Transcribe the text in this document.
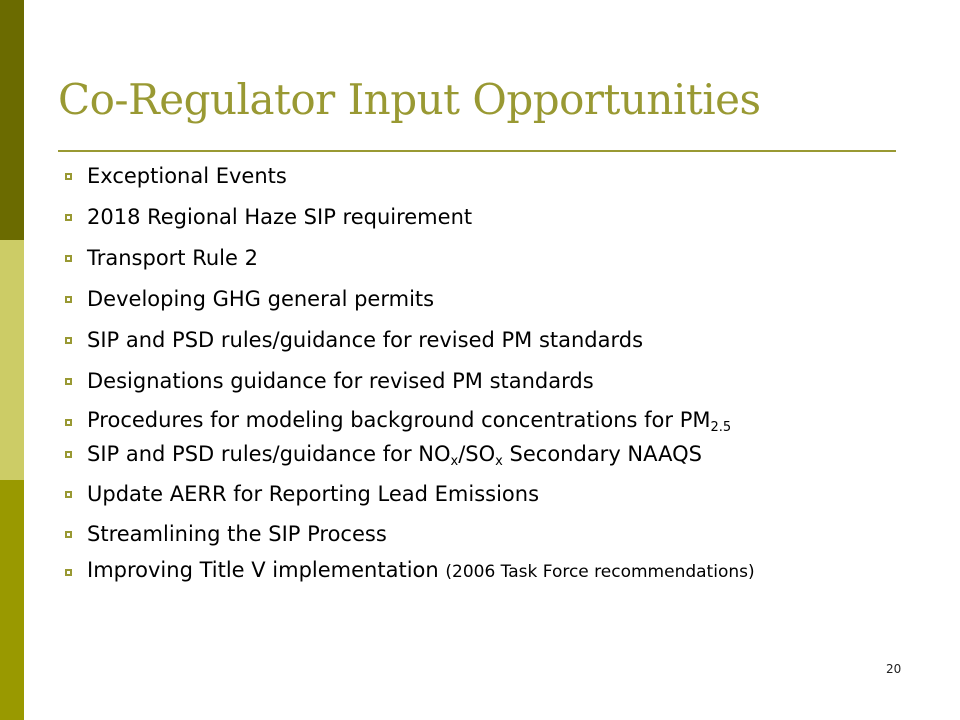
Co-Regulator Input Opportunities
Exceptional Events
2018 Regional Haze SIP requirement
Transport Rule 2
Developing GHG general permits
SIP and PSD rules/guidance for revised PM standards
Designations guidance for revised PM standards
Procedures for modeling background concentrations for $PM_{2.5}$
SIP and PSD rules/guidance for $NO_x/SO_x$ Secondary NAAQS
Update AERR for Reporting Lead Emissions
Streamlining the SIP Process
Improving Title V implementation (2006 Task Force recommendations)
20
